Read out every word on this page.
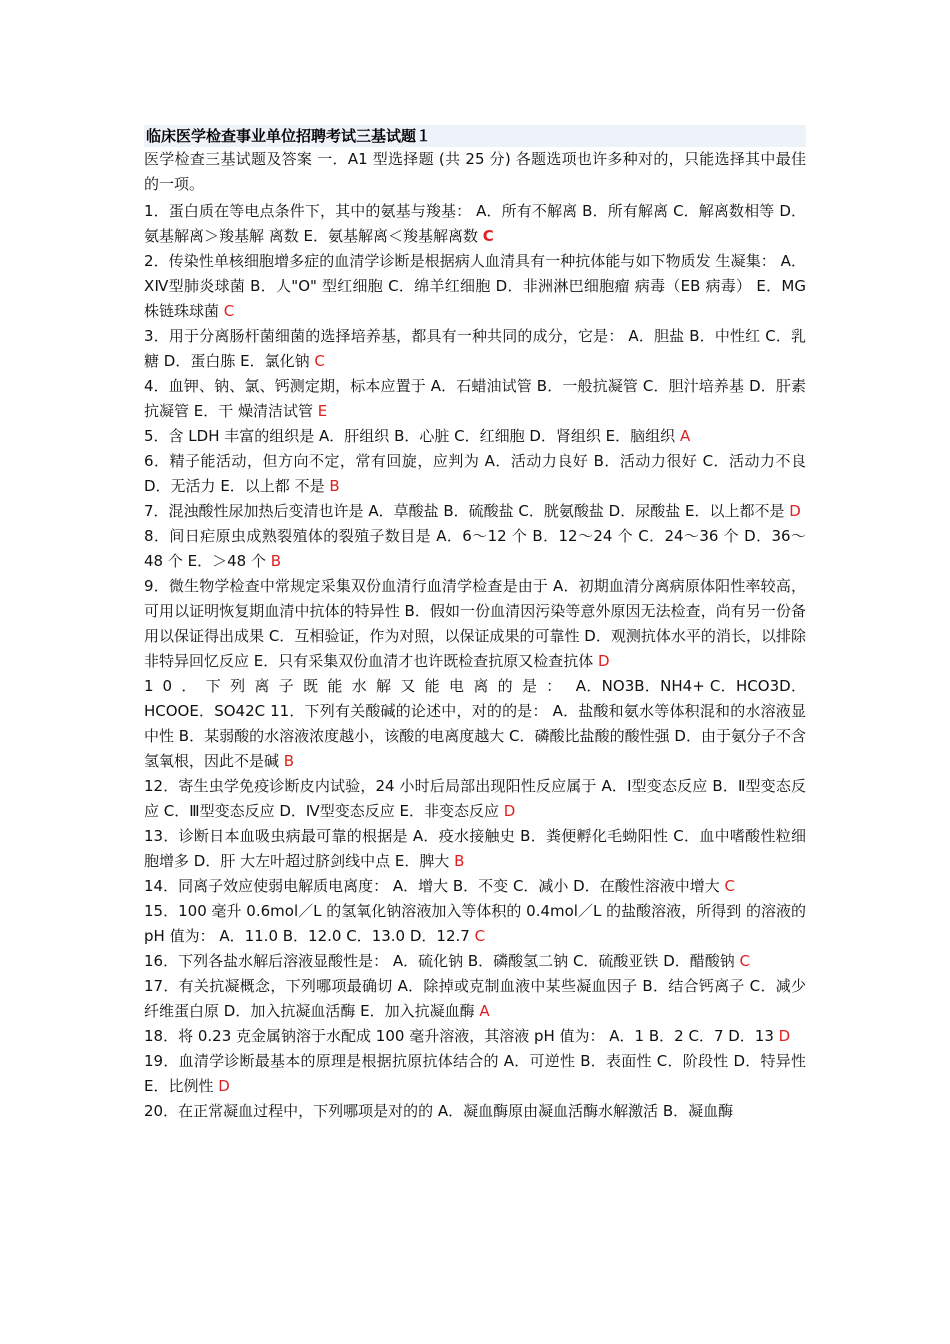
临床医学检查事业单位招聘考试三基试题１

医学检查三基试题及答案 一．A1 型选择题 (共 25 分) 各题选项也许多种对的，只能选择其中最佳的一项。

1．蛋白质在等电点条件下，其中的氨基与羧基： A．所有不解离 B．所有解离 C．解离数相等 D．氨基解离＞羧基解 离数 E．氨基解离＜羧基解离数 C

2．传染性单核细胞增多症的血清学诊断是根据病人血清具有一种抗体能与如下物质发 生凝集： A．XⅣ型肺炎球菌 B．人"O" 型红细胞 C．绵羊红细胞 D．非洲淋巴细胞瘤 病毒（EB 病毒） E．MG 株链珠球菌 C

3．用于分离肠杆菌细菌的选择培养基，都具有一种共同的成分，它是： A．胆盐 B．中性红 C．乳糖 D．蛋白胨 E．氯化钠 C

4．血钾、钠、氯、钙测定期，标本应置于 A．石蜡油试管 B．一般抗凝管 C．胆汁培养基 D．肝素抗凝管 E．干 燥清洁试管 E

5．含 LDH 丰富的组织是 A．肝组织 B．心脏 C．红细胞 D．肾组织 E．脑组织 A

6．精子能活动，但方向不定，常有回旋，应判为 A．活动力良好 B．活动力很好 C．活动力不良 D．无活力 E．以上都 不是 B

7．混浊酸性尿加热后变清也许是 A．草酸盐 B．硫酸盐 C．胱氨酸盐 D．尿酸盐 E．以上都不是 D

8．间日疟原虫成熟裂殖体的裂殖子数目是 A．6～12 个 B．12～24 个 C．24～36 个 D．36～48 个 E．＞48 个 B

9．微生物学检查中常规定采集双份血清行血清学检查是由于 A．初期血清分离病原体阳性率较高，可用以证明恢复期血清中抗体的特异性 B．假如一份血清因污染等意外原因无法检查，尚有另一份备用以保证得出成果 C．互相验证，作为对照，以保证成果的可靠性 D．观测抗体水平的消长，以排除非特异回忆反应 E．只有采集双份血清才也许既检查抗原又检查抗体 D

10．下列离子既能水解又能电离的是： A．NO3B．NH4+ C．HCO3D．HCOOE．SO42C 11．下列有关酸碱的论述中，对的的是： A．盐酸和氨水等体积混和的水溶液显中性 B．某弱酸的水溶液浓度越小，该酸的电离度越大 C．磷酸比盐酸的酸性强 D．由于氨分子不含氢氧根，因此不是碱 B

12．寄生虫学免疫诊断皮内试验，24 小时后局部出现阳性反应属于 A．Ⅰ型变态反应 B．Ⅱ型变态反应 C．Ⅲ型变态反应 D．Ⅳ型变态反应 E．非变态反应 D

13．诊断日本血吸虫病最可靠的根据是 A．疫水接触史 B．粪便孵化毛蚴阳性 C．血中嗜酸性粒细胞增多 D．肝 大左叶超过脐剑线中点 E．脾大 B

14．同离子效应使弱电解质电离度： A．增大 B．不变 C．减小 D．在酸性溶液中增大 C

15．100 毫升 0.6mol／L 的氢氧化钠溶液加入等体积的 0.4mol／L 的盐酸溶液，所得到 的溶液的 pH 值为： A．11.0 B．12.0 C．13.0 D．12.7 C

16．下列各盐水解后溶液显酸性是： A．硫化钠 B．磷酸氢二钠 C．硫酸亚铁 D．醋酸钠 C

17．有关抗凝概念，下列哪项最确切 A．除掉或克制血液中某些凝血因子 B．结合钙离子 C．减少纤维蛋白原 D．加入抗凝血活酶 E．加入抗凝血酶 A

18．将 0.23 克金属钠溶于水配成 100 毫升溶液，其溶液 pH 值为： A．1 B．2 C．7 D．13 D

19．血清学诊断最基本的原理是根据抗原抗体结合的 A．可逆性 B．表面性 C．阶段性 D．特异性 E．比例性 D

20．在正常凝血过程中，下列哪项是对的的 A．凝血酶原由凝血活酶水解激活 B．凝血酶
